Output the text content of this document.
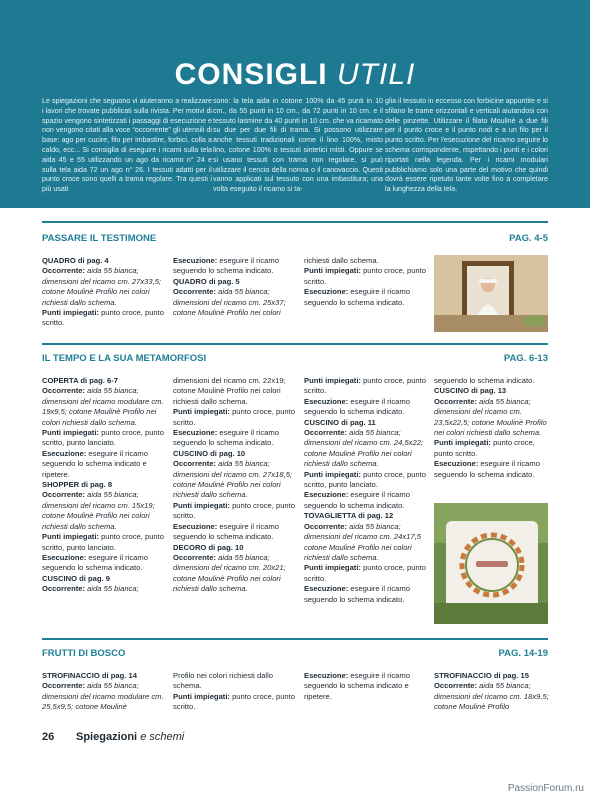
CONSIGLI UTILI
Le spiegazioni che seguono vi aiuteranno a realizzare i lavori che trovate pubblicati sulla rivista. Per motivi di spazio vengono sintetizzati i passaggi di esecuzione e non vengono citati alla voce “occorrente” gli utensili di base: ago per cucire, filo per imbastire, forbici, colla a caldo, ecc... Si consiglia di eseguire i ricami sulla tela aida 45 e 55 utilizzando un ago da ricamo n° 24 e sulla tela aida 72 un ago n° 26. I tessuti adatti per il punto croce sono quelli a trama regolare. Tra questi i più usati
sono: la tela aida in cotone 100% da 45 punti in 10 cm., da 55 punti in 10 cm., da 72 punti in 10 cm. e il tessuto lasmine da 40 punti in 10 cm. che va ricamato su due per due fili di trama. Si possono utilizzare anche tessuti tradizionali come il lino 100%, misto lino, cotone 100% o tessuti sintetici misti. Oppure se si usano tessuti con trama non regolare, si può utilizzare il cencio della nonna o il canovaccio. Questi vanno applicati sul tessuto con una imbastitura; una volta eseguito il ricamo si ta-
glia il tessuto in eccesso con forbicine appuntite e si sfilano le trame orizzontali e verticali aiutandosi con delle pinzette. Utilizzare il filato Moulinè a due fili per il punto croce e il punto nodi e a un filo per il punto scritto. Per l'esecuzione del ricamo seguire lo schema corrispondente, rispettando i punti e i colori riportati nella legenda. Per i ricami modulari pubblichiamo solo una parte del motivo che quindi dovrà essere ripetuto tante volte fino a completare la lunghezza della tela.
PASSARE IL TESTIMONE	PAG. 4-5
QUADRO di pag. 4
Occorrente: aida 55 bianca; dimensioni del ricamo cm. 27x33,5; cotone Moulinè Profilo nei colori richiesti dallo schema.
Punti impiegati: punto croce, punto scritto.
Esecuzione: eseguire il ricamo seguendo lo schema indicato.
QUADRO di pag. 5
Occorrente: aida 55 bianca; dimensioni del ricamo cm. 25x37; cotone Moulinè Profilo nei colori
richiesti dallo schema.
Punti impiegati: punto croce, punto scritto.
Esecuzione: eseguire il ricamo seguendo lo schema indicato.
IL TEMPO E LA SUA METAMORFOSI	PAG. 6-13
COPERTA di pag. 6-7
Occorrente: aida 55 bianca; dimensioni del ricamo modulare cm. 19x9,5; cotone Moulinè Profilo nei colori richiesti dallo schema.
Punti impiegati: punto croce, punto scritto, punto lanciato.
Esecuzione: eseguire il ricamo seguendo lo schema indicato e ripetere.
SHOPPER di pag. 8
Occorrente: aida 55 bianca; dimensioni del ricamo cm. 15x19; cotone Moulinè Profilo nei colori richiesti dallo schema.
Punti impiegati: punto croce, punto scritto, punto lanciato.
Esecuzione: eseguire il ricamo seguendo lo schema indicato.
CUSCINO di pag. 9
Occorrente: aida 55 bianca;
dimensioni del ricamo cm. 22x19; cotone Moulinè Profilo nei colori richiesti dallo schema.
Punti impiegati: punto croce, punto scritto.
Esecuzione: eseguire il ricamo seguendo lo schema indicato.
CUSCINO di pag. 10
Occorrente: aida 55 bianca; dimensioni del ricamo cm. 27x18,5; cotone Moulinè Profilo nei colori richiesti dallo schema.
Punti impiegati: punto croce, punto scritto.
Esecuzione: eseguire il ricamo seguendo lo schema indicato.
DECORO di pag. 10
Occorrente: aida 55 bianca; dimensioni del ricamo cm. 20x21; cotone Moulinè Profilo nei colori richiesti dallo schema.
Punti impiegati: punto croce, punto scritto.
Esecuzione: eseguire il ricamo seguendo lo schema indicato.
CUSCINO di pag. 11
Occorrente: aida 55 bianca; dimensioni del ricamo cm. 24,5x22; cotone Moulinè Profilo nei colori richiesti dallo schema.
Punti impiegati: punto croce, punto scritto, punto lanciato.
Esecuzione: eseguire il ricamo seguendo lo schema indicato.
TOVAGLIETTA di pag. 12
Occorrente: aida 55 bianca; dimensioni del ricamo cm. 24x17,5 cotone Moulinè Profilo nei colori richiesti dallo schema.
Punti impiegati: punto croce, punto scritto.
Esecuzione: eseguire il ricamo seguendo lo schema indicato.
seguendo lo schema indicato.
CUSCINO di pag. 13
Occorrente: aida 55 bianca; dimensioni del ricamo cm. 23,5x22,5; cotone Moulinè Profilo nei colori richiesti dallo schema.
Punti impiegati: punto croce, punto scritto.
Esecuzione: eseguire il ricamo seguendo lo schema indicato.
FRUTTI DI BOSCO	PAG. 14-19
STROFINACCIO di pag. 14
Occorrente: aida 55 bianca; dimensioni del ricamo modulare cm. 25,5x9,5; cotone Moulinè
Profilo nei colori richiesti dallo schema.
Punti impiegati: punto croce, punto scritto.
Esecuzione: eseguire il ricamo seguendo lo schema indicato e ripetere.
STROFINACCIO di pag. 15
Occorrente: aida 55 bianca; dimensioni del ricamo cm. 18x9,5; cotone Moulinè Profilo
26 Spiegazioni e schemi
PassionForum.ru
